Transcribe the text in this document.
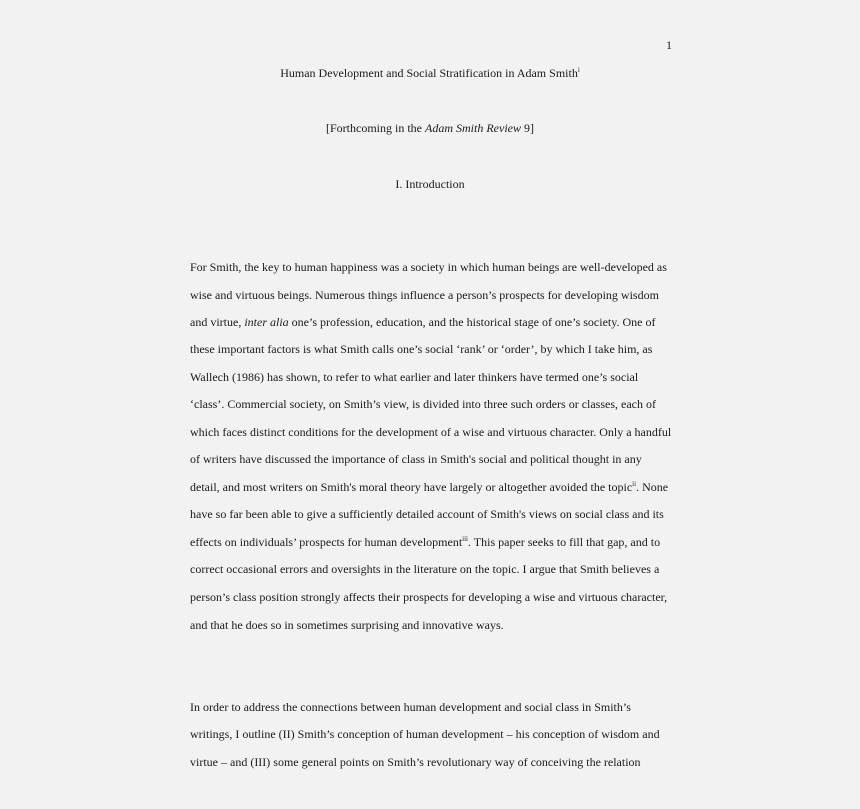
1
Human Development and Social Stratification in Adam Smith$^i$
[Forthcoming in the Adam Smith Review 9]
I. Introduction
For Smith, the key to human happiness was a society in which human beings are well-developed as
wise and virtuous beings. Numerous things influence a person’s prospects for developing wisdom
and virtue, inter alia one’s profession, education, and the historical stage of one’s society. One of
these important factors is what Smith calls one’s social ‘rank’ or ‘order’, by which I take him, as
Wallech (1986) has shown, to refer to what earlier and later thinkers have termed one’s social
‘class’. Commercial society, on Smith’s view, is divided into three such orders or classes, each of
which faces distinct conditions for the development of a wise and virtuous character. Only a handful
of writers have discussed the importance of class in Smith's social and political thought in any
detail, and most writers on Smith's moral theory have largely or altogether avoided the topic$^{ii}$. None
have so far been able to give a sufficiently detailed account of Smith's views on social class and its
effects on individuals’ prospects for human development$^{iii}$. This paper seeks to fill that gap, and to
correct occasional errors and oversights in the literature on the topic. I argue that Smith believes a
person’s class position strongly affects their prospects for developing a wise and virtuous character,
and that he does so in sometimes surprising and innovative ways.
In order to address the connections between human development and social class in Smith’s
writings, I outline (II) Smith’s conception of human development – his conception of wisdom and
virtue – and (III) some general points on Smith’s revolutionary way of conceiving the relation
